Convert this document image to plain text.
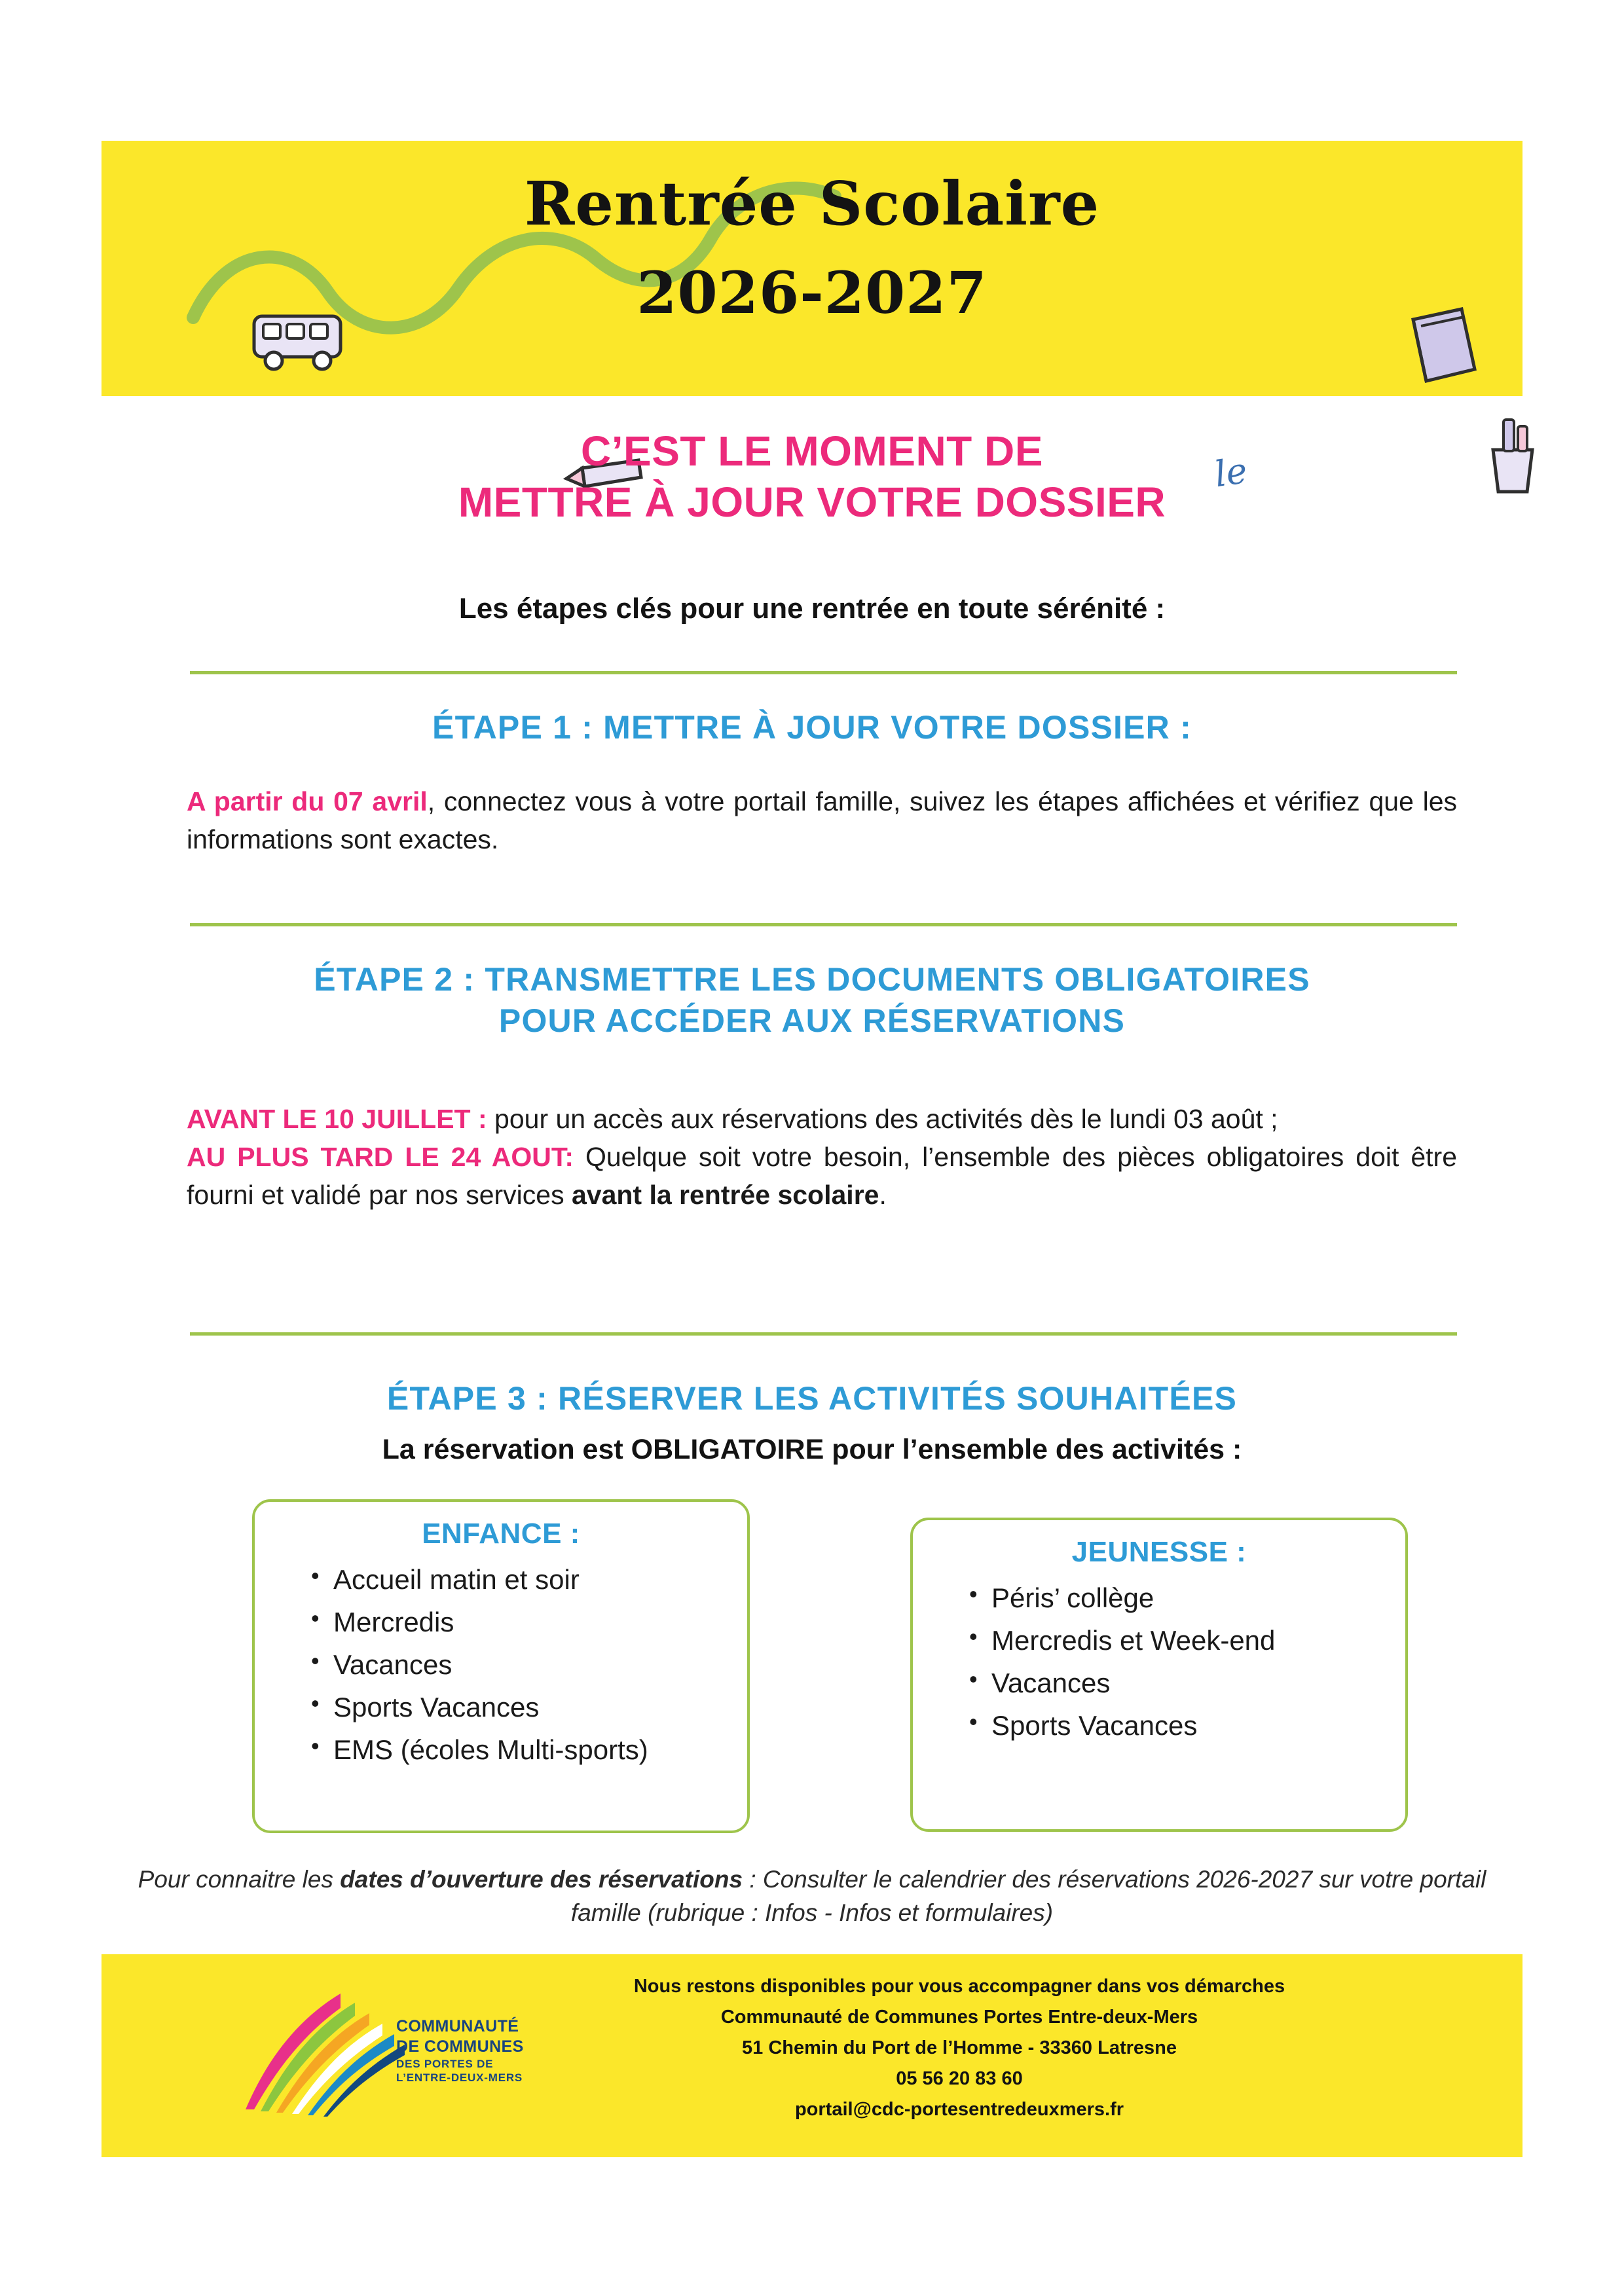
le
Rentrée Scolaire
2026-2027
C’EST LE MOMENT DE
METTRE À JOUR VOTRE DOSSIER
Les étapes clés pour une rentrée en toute sérénité :
ÉTAPE 1 : METTRE À JOUR VOTRE DOSSIER :
A partir du 07 avril, connectez vous à votre portail famille, suivez les étapes affichées et vérifiez que les informations sont exactes.
ÉTAPE 2 : TRANSMETTRE LES DOCUMENTS OBLIGATOIRES
POUR ACCÉDER AUX RÉSERVATIONS
AVANT LE 10 JUILLET : pour un accès aux réservations des activités dès le lundi 03 août ;
AU PLUS TARD LE 24 AOUT: Quelque soit votre besoin, l’ensemble des pièces obligatoires doit être fourni et validé par nos services avant la rentrée scolaire.
ÉTAPE 3 : RÉSERVER LES ACTIVITÉS SOUHAITÉES
La réservation est OBLIGATOIRE pour l’ensemble des activités :
ENFANCE :
• Accueil matin et soir
• Mercredis
• Vacances
• Sports Vacances
• EMS (écoles Multi-sports)
JEUNESSE :
• Péris’ collège
• Mercredis et Week-end
• Vacances
• Sports Vacances
Pour connaitre les dates d’ouverture des réservations : Consulter le calendrier des réservations 2026-2027 sur votre portail famille (rubrique : Infos - Infos et formulaires)
COMMUNAUTÉ
DE COMMUNES
DES PORTES DE
L’ENTRE-DEUX-MERS
Nous restons disponibles pour vous accompagner dans vos démarches
Communauté de Communes Portes Entre-deux-Mers
51 Chemin du Port de l’Homme - 33360 Latresne
05 56 20 83 60
portail@cdc-portesentredeuxmers.fr
